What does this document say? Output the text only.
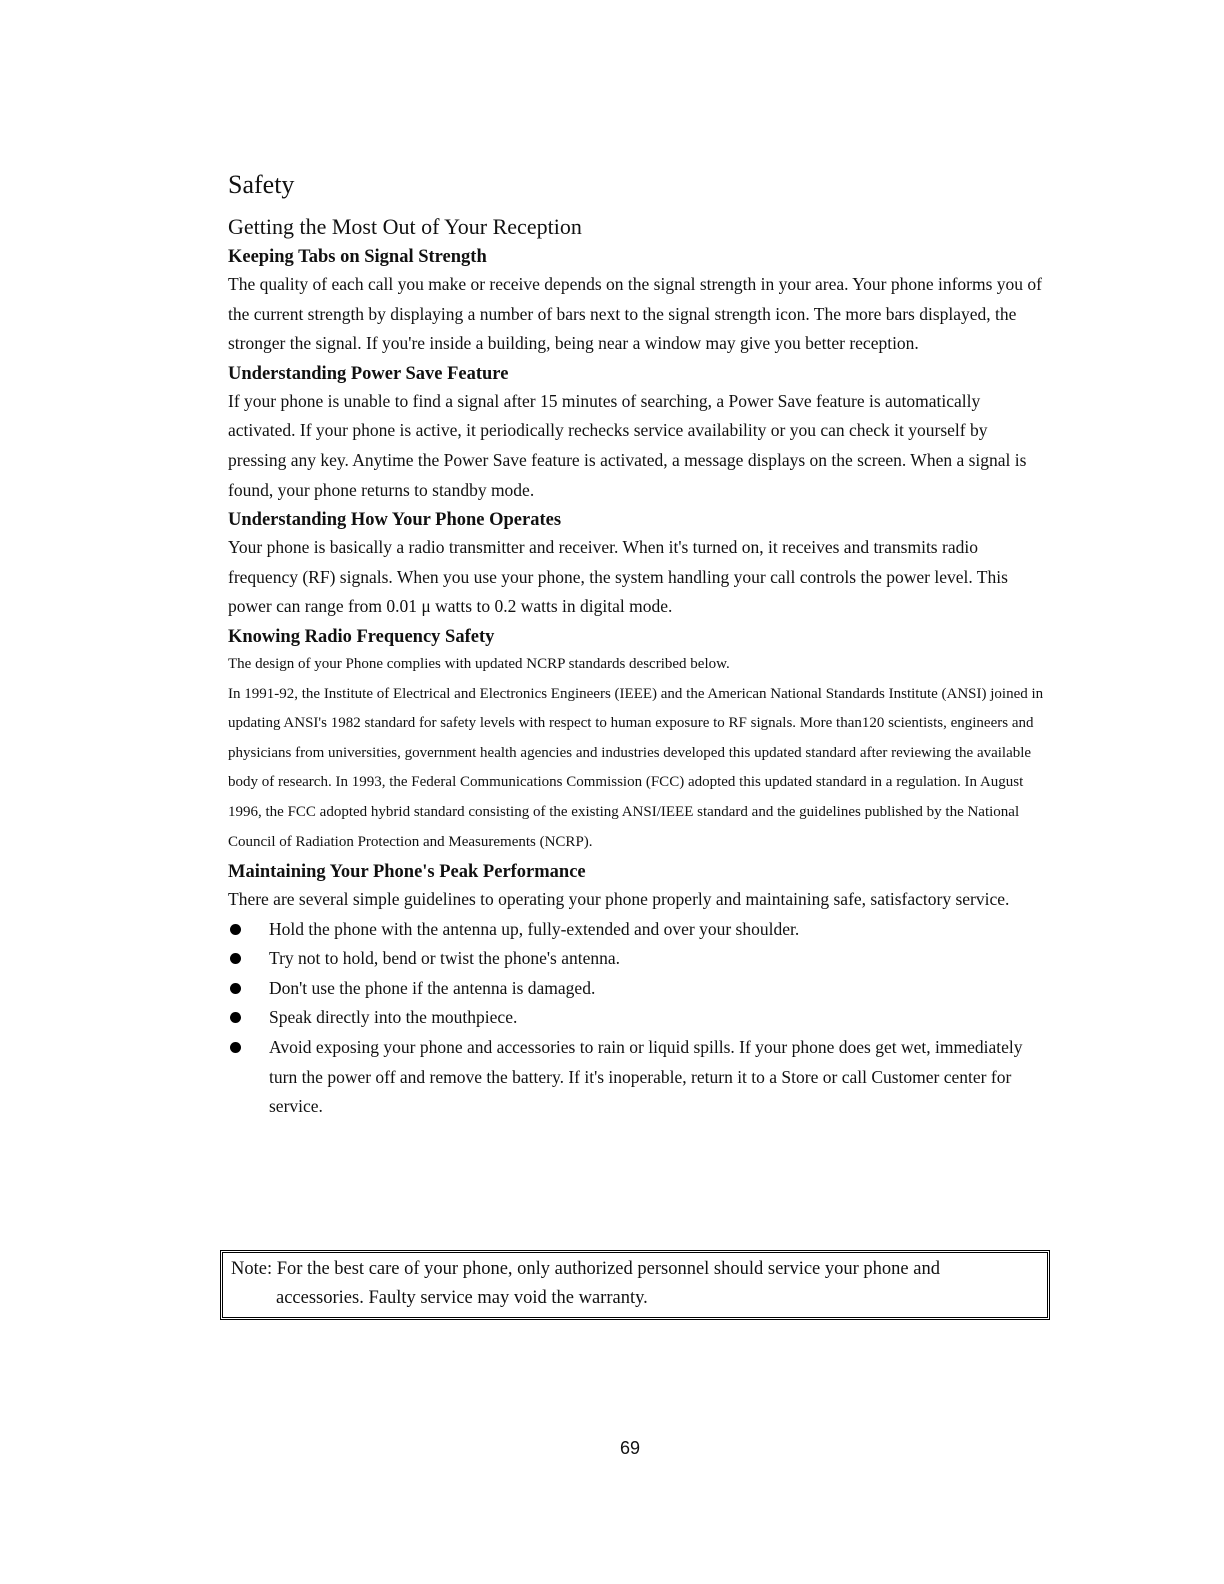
Safety
Getting the Most Out of Your Reception
Keeping Tabs on Signal Strength

The quality of each call you make or receive depends on the signal strength in your area. Your phone informs you of the current strength by displaying a number of bars next to the signal strength icon. The more bars displayed, the stronger the signal. If you're inside a building, being near a window may give you better reception.

Understanding Power Save Feature

If your phone is unable to find a signal after 15 minutes of searching, a Power Save feature is automatically activated. If your phone is active, it periodically rechecks service availability or you can check it yourself by pressing any key. Anytime the Power Save feature is activated, a message displays on the screen. When a signal is found, your phone returns to standby mode.

Understanding How Your Phone Operates

Your phone is basically a radio transmitter and receiver. When it's turned on, it receives and transmits radio frequency (RF) signals. When you use your phone, the system handling your call controls the power level. This power can range from 0.01 μ watts to 0.2 watts in digital mode.

Knowing Radio Frequency Safety

The design of your Phone complies with updated NCRP standards described below.

In 1991-92, the Institute of Electrical and Electronics Engineers (IEEE) and the American National Standards Institute (ANSI) joined in updating ANSI's 1982 standard for safety levels with respect to human exposure to RF signals. More than120 scientists, engineers and physicians from universities, government health agencies and industries developed this updated standard after reviewing the available body of research. In 1993, the Federal Communications Commission (FCC) adopted this updated standard in a regulation. In August 1996, the FCC adopted hybrid standard consisting of the existing ANSI/IEEE standard and the guidelines published by the National Council of Radiation Protection and Measurements (NCRP).

Maintaining Your Phone's Peak Performance

There are several simple guidelines to operating your phone properly and maintaining safe, satisfactory service.

Hold the phone with the antenna up, fully-extended and over your shoulder.
Try not to hold, bend or twist the phone's antenna.
Don't use the phone if the antenna is damaged.
Speak directly into the mouthpiece.
Avoid exposing your phone and accessories to rain or liquid spills. If your phone does get wet, immediately turn the power off and remove the battery. If it's inoperable, return it to a Store or call Customer center for service.
Note: For the best care of your phone, only authorized personnel should service your phone and
accessories. Faulty service may void the warranty.
69
